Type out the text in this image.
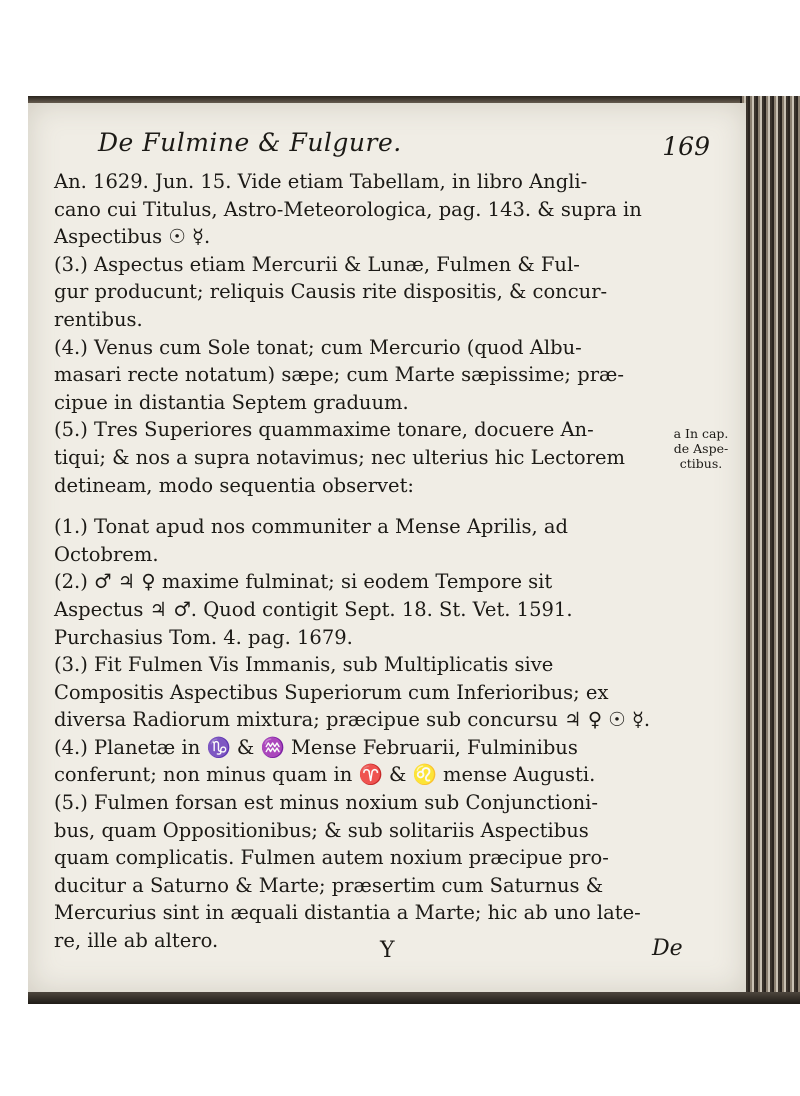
De Fulmine & Fulgure.	169

An. 1629. Jun. 15. Vide etiam Tabellam, in libro Angli-

cano cui Titulus, Astro-Meteorologica, pag. 143. & supra in

Aspectibus ☉ ☿.

(3.) Aspectus etiam Mercurii & Lunæ, Fulmen & Ful-

gur producunt; reliquis Causis rite dispositis, & concur-

rentibus.

(4.) Venus cum Sole tonat; cum Mercurio (quod Albu-

masari recte notatum) sæpe; cum Marte sæpissime; præ-

cipue in distantia Septem graduum.

(5.) Tres Superiores quammaxime tonare, docuere An-

tiqui; & nos a supra notavimus; nec ulterius hic Lectorem

detineam, modo sequentia observet:

(1.) Tonat apud nos communiter a Mense Aprilis, ad

Octobrem.

(2.) ♂ ♃ ♀ maxime fulminat; si eodem Tempore sit

Aspectus ♃ ♂. Quod contigit Sept. 18. St. Vet. 1591.

Purchasius Tom. 4. pag. 1679.

(3.) Fit Fulmen Vis Immanis, sub Multiplicatis sive

Compositis Aspectibus Superiorum cum Inferioribus; ex

diversa Radiorum mixtura; præcipue sub concursu ♃ ♀ ☉ ☿.

(4.) Planetæ in ♑ & ♒ Mense Februarii, Fulminibus

conferunt; non minus quam in ♈ & ♌ mense Augusti.

(5.) Fulmen forsan est minus noxium sub Conjunctioni-

bus, quam Oppositionibus; & sub solitariis Aspectibus

quam complicatis. Fulmen autem noxium præcipue pro-

ducitur a Saturno & Marte; præsertim cum Saturnus &

Mercurius sint in æquali distantia a Marte; hic ab uno late-

re, ille ab altero.

a In cap.
de Aspe-
ctibus.
Y	De
